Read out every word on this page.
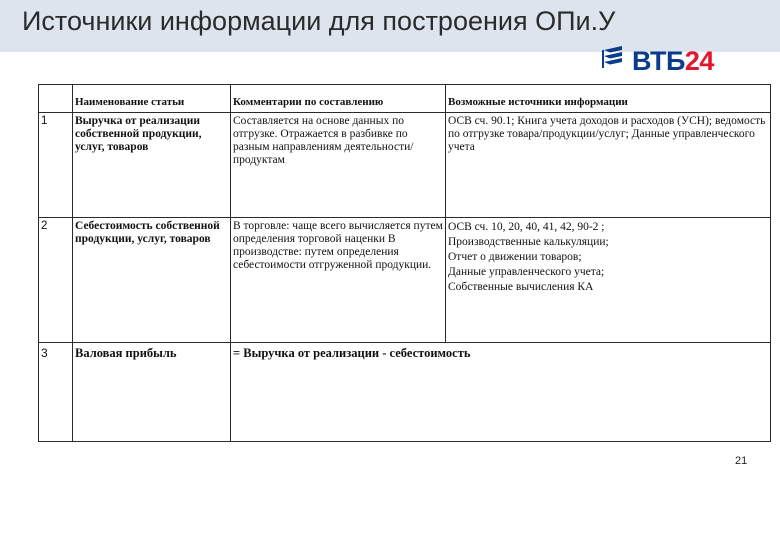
Источники информации для построения ОПи.У
ВТБ24
	Наименование статьи	Комментарии по составлению	Возможные источники информации
1	Выручка от реализации собственной продукции, услуг, товаров	Составляется на основе данных по отгрузке. Отражается в разбивке по разным направлениям деятельности/ продуктам	ОСВ сч. 90.1; Книга учета доходов и расходов (УСН); ведомость по отгрузке товара/продукции/услуг; Данные управленческого учета

2	Себестоимость собственной продукции, услуг, товаров	В торговле: чаще всего вычисляется путем определения торговой наценки В производстве: путем определения себестоимости отгруженной продукции.	ОСВ сч. 10, 20, 40, 41, 42, 90-2 ;
Производственные калькуляции;
Отчет о движении товаров;
Данные управленческого учета;
Собственные вычисления КА

3	Валовая прибыль	= Выручка от реализации - себестоимость	
21
